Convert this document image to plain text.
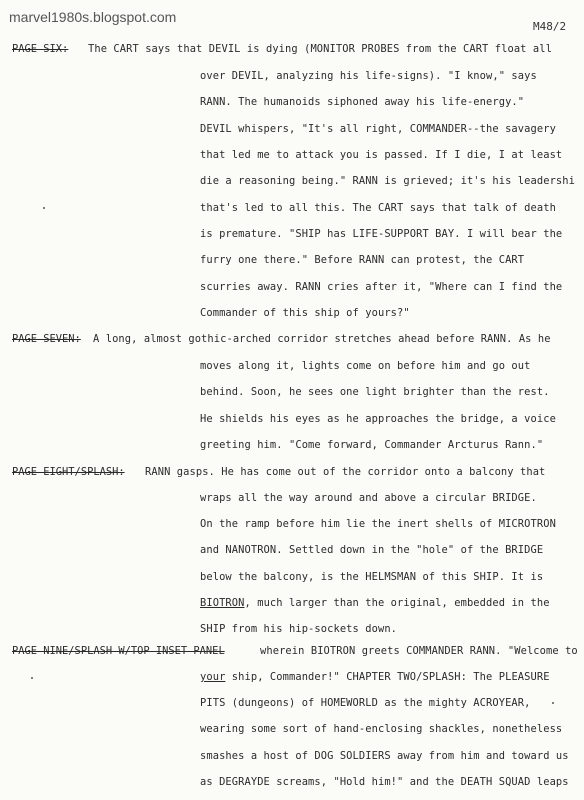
marvel1980s.blogspot.com
M48/2
PAGE SIX: The CART says that DEVIL is dying (MONITOR PROBES from the CART float all
over DEVIL, analyzing his life-signs). "I know," says
RANN. The humanoids siphoned away his life-energy."
DEVIL whispers, "It's all right, COMMANDER--the savagery
that led me to attack you is passed. If I die, I at least
die a reasoning being." RANN is grieved; it's his leadershi
that's led to all this. The CART says that talk of death
is premature. "SHIP has LIFE-SUPPORT BAY. I will bear the
furry one there." Before RANN can protest, the CART
scurries away. RANN cries after it, "Where can I find the
Commander of this ship of yours?"
PAGE SEVEN: A long, almost gothic-arched corridor stretches ahead before RANN. As he
moves along it, lights come on before him and go out
behind. Soon, he sees one light brighter than the rest.
He shields his eyes as he approaches the bridge, a voice
greeting him. "Come forward, Commander Arcturus Rann."
PAGE EIGHT/SPLASH: RANN gasps. He has come out of the corridor onto a balcony that
wraps all the way around and above a circular BRIDGE.
On the ramp before him lie the inert shells of MICROTRON
and NANOTRON. Settled down in the "hole" of the BRIDGE
below the balcony, is the HELMSMAN of this SHIP. It is
BIOTRON, much larger than the original, embedded in the
SHIP from his hip-sockets down.
PAGE NINE/SPLASH W/TOP INSET PANEL	wherein BIOTRON greets COMMANDER RANN. "Welcome to
your ship, Commander!" CHAPTER TWO/SPLASH: The PLEASURE
PITS (dungeons) of HOMEWORLD as the mighty ACROYEAR,
wearing some sort of hand-enclosing shackles, nonetheless
smashes a host of DOG SOLDIERS away from him and toward us
as DEGRAYDE screams, "Hold him!" and the DEATH SQUAD leaps
